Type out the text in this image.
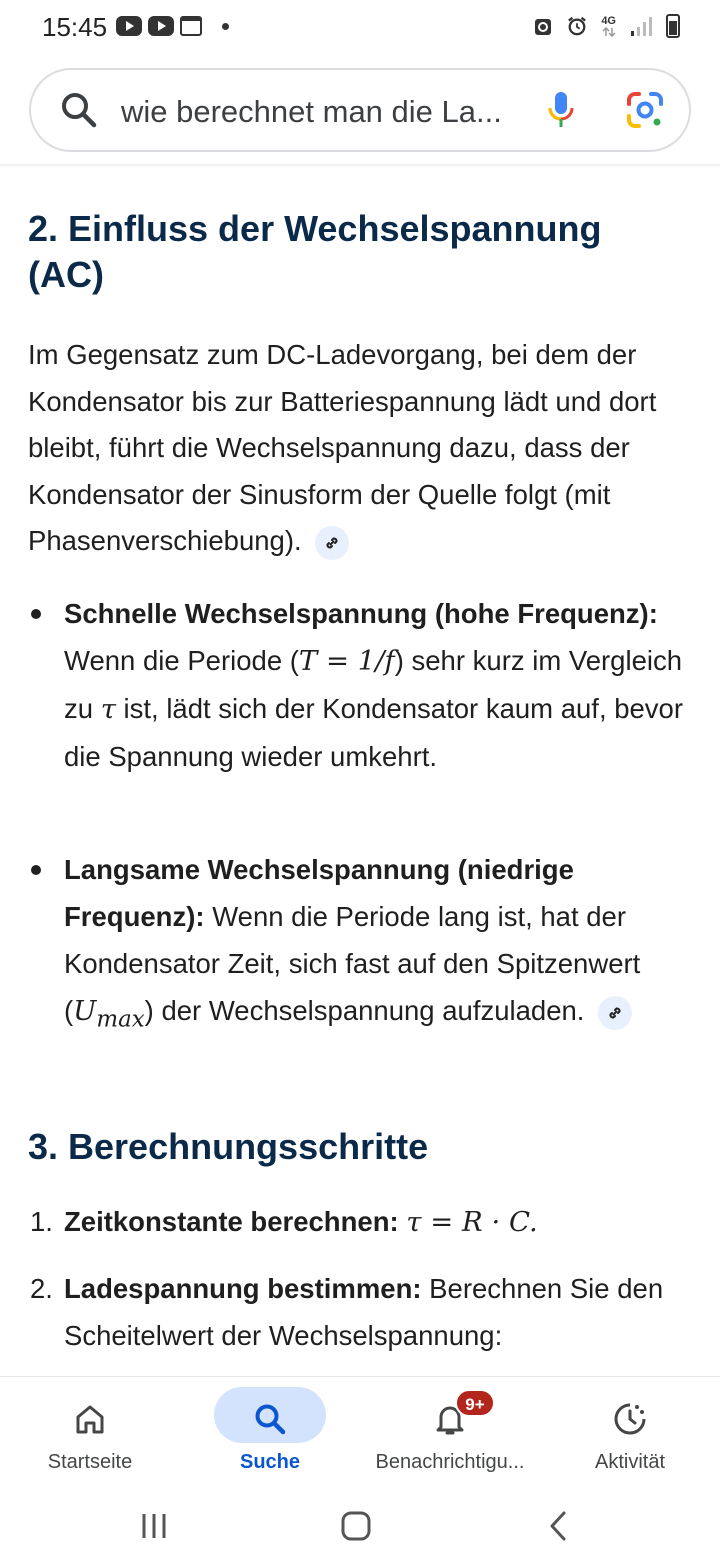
15:45	4G
wie berechnet man die La...
2. Einfluss der Wechselspannung
(AC)
Im Gegensatz zum DC-Ladevorgang, bei dem der Kondensator bis zur Batteriespannung lädt und dort bleibt, führt die Wechselspannung dazu, dass der Kondensator der Sinusform der Quelle folgt (mit Phasenverschiebung).
Schnelle Wechselspannung (hohe Frequenz):
Wenn die Periode (T = 1/f) sehr kurz im Vergleich zu τ ist, lädt sich der Kondensator kaum auf, bevor die Spannung wieder umkehrt.
Langsame Wechselspannung (niedrige Frequenz): Wenn die Periode lang ist, hat der Kondensator Zeit, sich fast auf den Spitzenwert $(U_{max})$ der Wechselspannung aufzuladen.
3. Berechnungsschritte
1. Zeitkonstante berechnen: τ = R · C.
2. Ladespannung bestimmen: Berechnen Sie den Scheitelwert der Wechselspannung:
Startseite	Suche
9+
Benachrichtigu...	Aktivität
